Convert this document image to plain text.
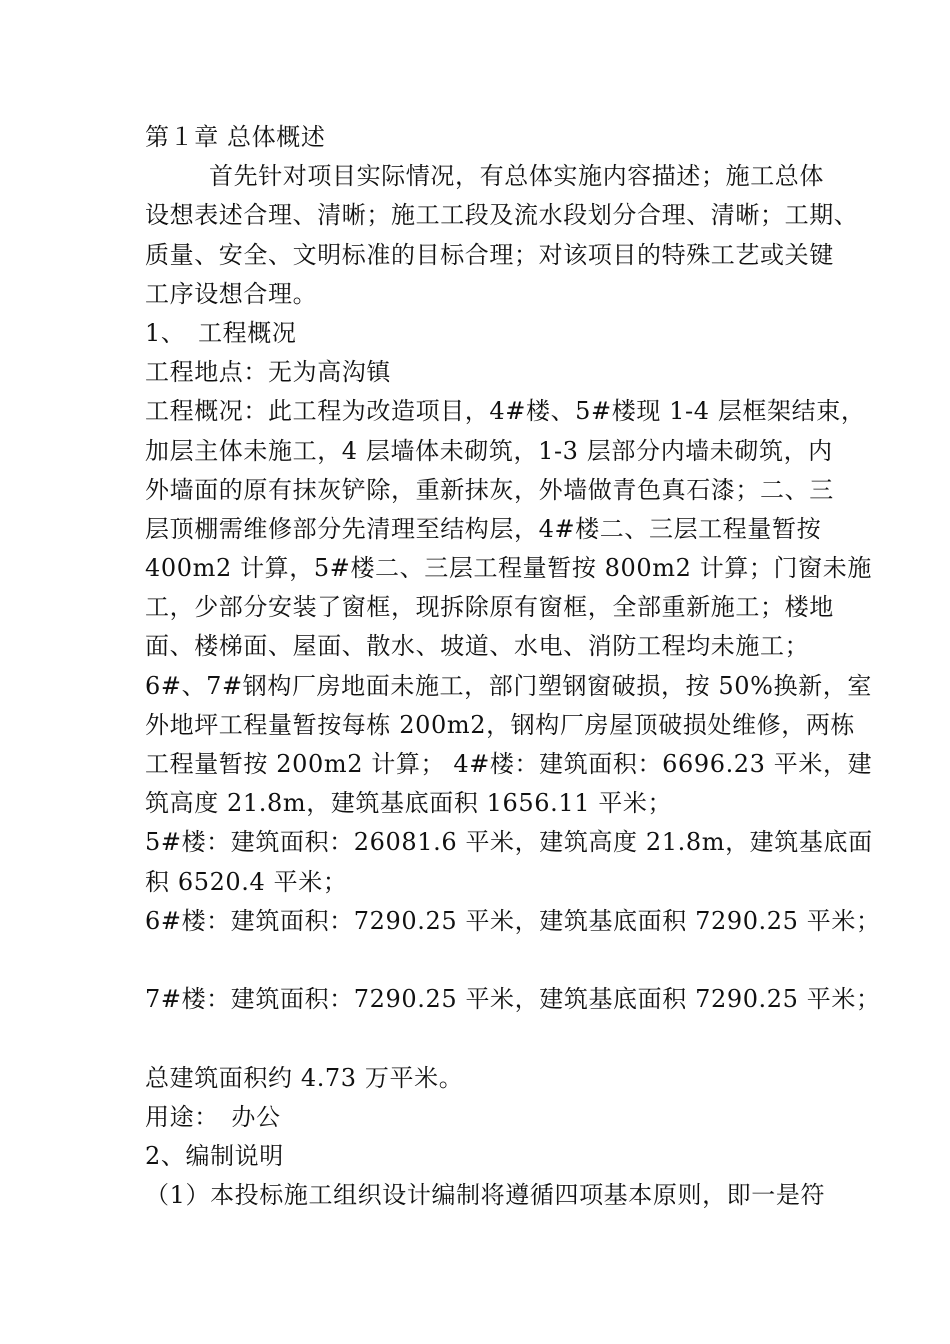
第１章 总体概述

首先针对项目实际情况，有总体实施内容描述；施工总体

设想表述合理、清晰；施工工段及流水段划分合理、清晰；工期、

质量、安全、文明标准的目标合理；对该项目的特殊工艺或关键

工序设想合理。

1、　工程概况

工程地点：无为高沟镇

工程概况：此工程为改造项目，4#楼、5#楼现 1-4 层框架结束，

加层主体未施工，4 层墙体未砌筑，1-3 层部分内墙未砌筑，内

外墙面的原有抹灰铲除，重新抹灰，外墙做青色真石漆；二、三

层顶棚需维修部分先清理至结构层，4#楼二、三层工程量暂按

400m2 计算，5#楼二、三层工程量暂按 800m2 计算；门窗未施

工，少部分安装了窗框，现拆除原有窗框，全部重新施工；楼地

面、楼梯面、屋面、散水、坡道、水电、消防工程均未施工；

6#、7#钢构厂房地面未施工，部门塑钢窗破损，按 50%换新，室

外地坪工程量暂按每栋 200m2，钢构厂房屋顶破损处维修，两栋

工程量暂按 200m2 计算； 4#楼：建筑面积：6696.23 平米，建

筑高度 21.8m，建筑基底面积 1656.11 平米；

5#楼：建筑面积：26081.6 平米，建筑高度 21.8m，建筑基底面

积 6520.4 平米；

6#楼：建筑面积：7290.25 平米，建筑基底面积 7290.25 平米；

7#楼：建筑面积：7290.25 平米，建筑基底面积 7290.25 平米；

总建筑面积约 4.73 万平米。

用途：　办公

2、编制说明

（1）本投标施工组织设计编制将遵循四项基本原则，即一是符
